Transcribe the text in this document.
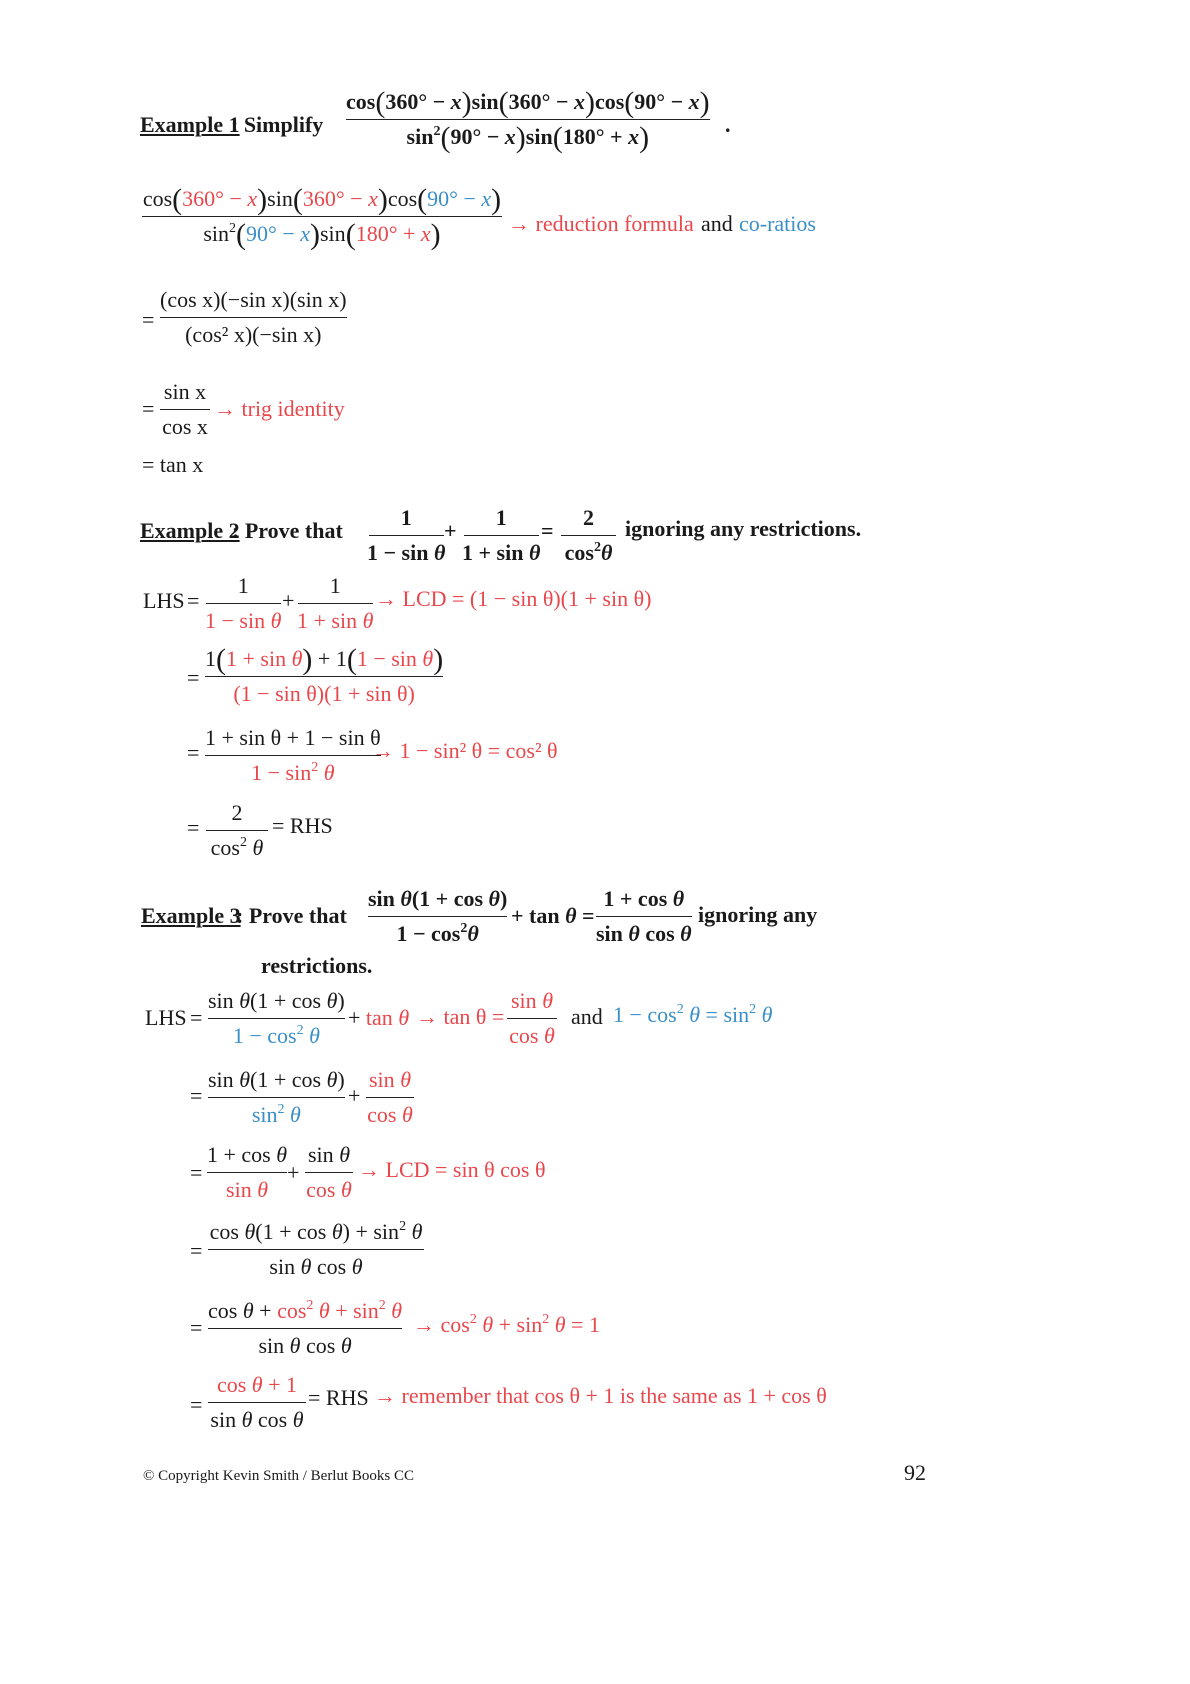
Example 1
: Simplify
cos(360° − x)sin(360° − x)cos(90° − x)
$\sin^2(90^\circ - x)\sin(180^\circ + x)$	.
cos(360° − x)sin(360° − x)cos(90° − x)
$\sin^2(90^\circ - x)\sin(180^\circ + x)$	→ reduction formula and co-ratios
=
(cos x)(−sin x)(sin x)
(cos² x)(−sin x)
=
sin x
cos x
→ trig identity
= tan x
Example 2
: Prove that
1
1 − sin θ
+
1
1 + sin θ
=
2
$\cos^2\theta$
ignoring any restrictions.
LHS =
1
1 − sin θ
+
1
1 + sin θ
→ LCD = (1 − sin θ)(1 + sin θ)
=
1(1 + sin θ) + 1(1 − sin θ)
(1 − sin θ)(1 + sin θ)
=
1 + sin θ + 1 − sin θ
$1 - \sin^2 \theta$
→ 1 − sin² θ = cos² θ
=
2
$\cos^2 \theta$
= RHS
Example 3
: Prove that
sin θ(1 + cos θ)
$1 - \cos^2\theta$
+ tan θ =
1 + cos θ
sin θ cos θ
ignoring any
restrictions.
LHS =
sin θ(1 + cos θ)
$1 - \cos^2 \theta$
+ tan θ → tan θ =
sin θ
cos θ
and $1 - \cos^2 \theta = \sin^2 \theta$
=
sin θ(1 + cos θ)
$\sin^2 \theta$
+
sin θ
cos θ
=
1 + cos θ
sin θ
+
sin θ
cos θ
→ LCD = sin θ cos θ
=
$\cos \theta(1 + \cos \theta) + \sin^2 \theta$
sin θ cos θ
=
$\cos \theta + \cos^2 \theta + \sin^2 \theta$
sin θ cos θ
→ $\cos^2 \theta + \sin^2 \theta = 1$
=
cos θ + 1
sin θ cos θ
= RHS → remember that cos θ + 1 is the same as 1 + cos θ
© Copyright Kevin Smith / Berlut Books CC	92
